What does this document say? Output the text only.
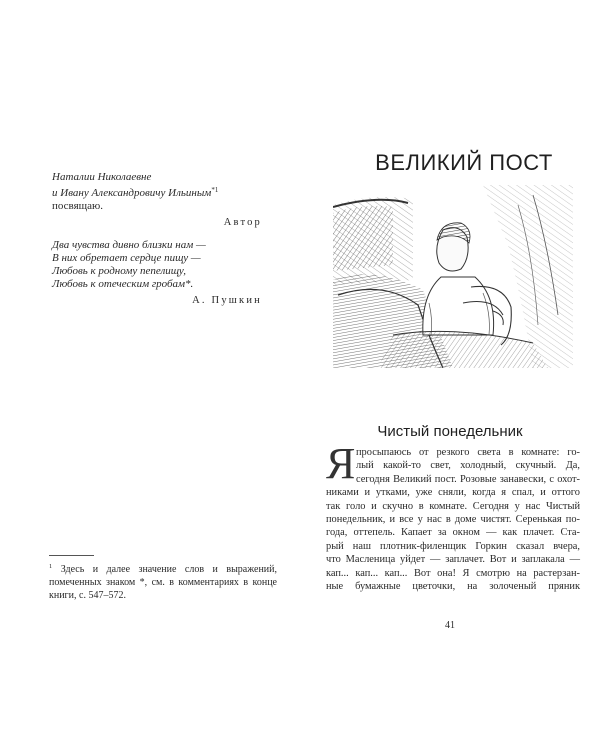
Наталии Николаевне
и Ивану Александровичу Ильиным$^{*1}$
посвящаю.
Автор
Два чувства дивно близки нам —
В них обретает сердце пищу —
Любовь к родному пепелищу,
Любовь к отеческим гробам*.
А. Пушкин
$^1$ Здесь и далее значение слов и выражений, помеченных знаком *, см. в комментариях в конце книги, с. 547–572.
ВЕЛИКИЙ ПОСТ
Чистый понедельник
Я просыпаюсь от резкого света в комнате: го-
лый какой-то свет, холодный, скучный. Да,
сегодня Великий пост. Розовые занавески, с охот-
никами и утками, уже сняли, когда я спал, и оттого
так голо и скучно в комнате. Сегодня у нас Чистый
понедельник, и все у нас в доме чистят. Серенькая по-
года, оттепель. Капает за окном — как плачет. Ста-
рый наш плотник-филенщик Горкин сказал вчера,
что Масленица уйдет — заплачет. Вот и заплакала —
кап... кап... кап... Вот она! Я смотрю на растерзан-
ные бумажные цветочки, на золоченый пряник
41
